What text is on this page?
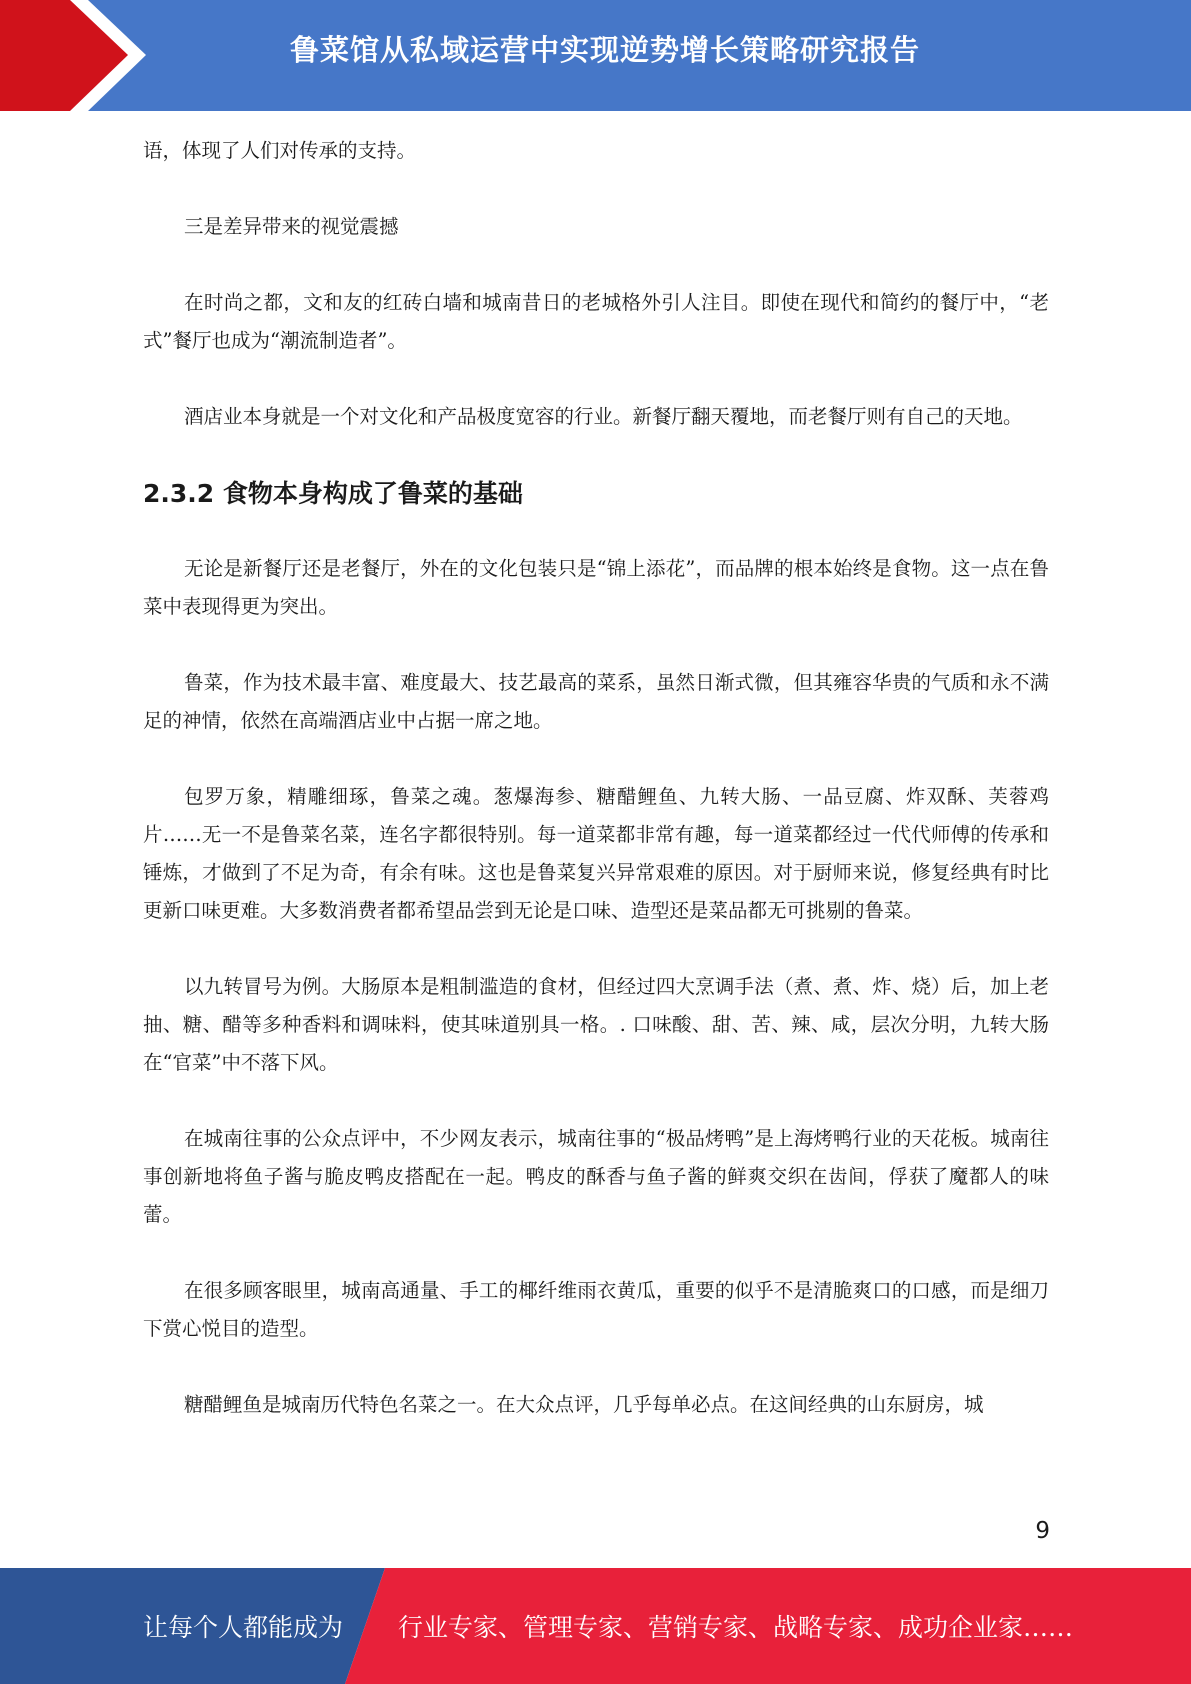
鲁菜馆从私域运营中实现逆势增长策略研究报告

语，体现了人们对传承的支持。

三是差异带来的视觉震撼

在时尚之都，文和友的红砖白墙和城南昔日的老城格外引人注目。即使在现代和简约的餐厅中，“老式”餐厅也成为“潮流制造者”。

酒店业本身就是一个对文化和产品极度宽容的行业。新餐厅翻天覆地，而老餐厅则有自己的天地。

2.3.2 食物本身构成了鲁菜的基础

无论是新餐厅还是老餐厅，外在的文化包装只是“锦上添花”，而品牌的根本始终是食物。这一点在鲁菜中表现得更为突出。

鲁菜，作为技术最丰富、难度最大、技艺最高的菜系，虽然日渐式微，但其雍容华贵的气质和永不满足的神情，依然在高端酒店业中占据一席之地。

包罗万象，精雕细琢，鲁菜之魂。葱爆海参、糖醋鲤鱼、九转大肠、一品豆腐、炸双酥、芙蓉鸡片……无一不是鲁菜名菜，连名字都很特别。每一道菜都非常有趣，每一道菜都经过一代代师傅的传承和锤炼，才做到了不足为奇，有余有味。这也是鲁菜复兴异常艰难的原因。对于厨师来说，修复经典有时比更新口味更难。大多数消费者都希望品尝到无论是口味、造型还是菜品都无可挑剔的鲁菜。

以九转冒号为例。大肠原本是粗制滥造的食材，但经过四大烹调手法（煮、煮、炸、烧）后，加上老抽、糖、醋等多种香料和调味料，使其味道别具一格。. 口味酸、甜、苦、辣、咸，层次分明，九转大肠在“官菜”中不落下风。

在城南往事的公众点评中，不少网友表示，城南往事的“极品烤鸭”是上海烤鸭行业的天花板。城南往事创新地将鱼子酱与脆皮鸭皮搭配在一起。鸭皮的酥香与鱼子酱的鲜爽交织在齿间，俘获了魔都人的味蕾。

在很多顾客眼里，城南高通量、手工的椰纤维雨衣黄瓜，重要的似乎不是清脆爽口的口感，而是细刀下赏心悦目的造型。

糖醋鲤鱼是城南历代特色名菜之一。在大众点评，几乎每单必点。在这间经典的山东厨房，城

9
让每个人都能成为 行业专家、管理专家、营销专家、战略专家、成功企业家……
